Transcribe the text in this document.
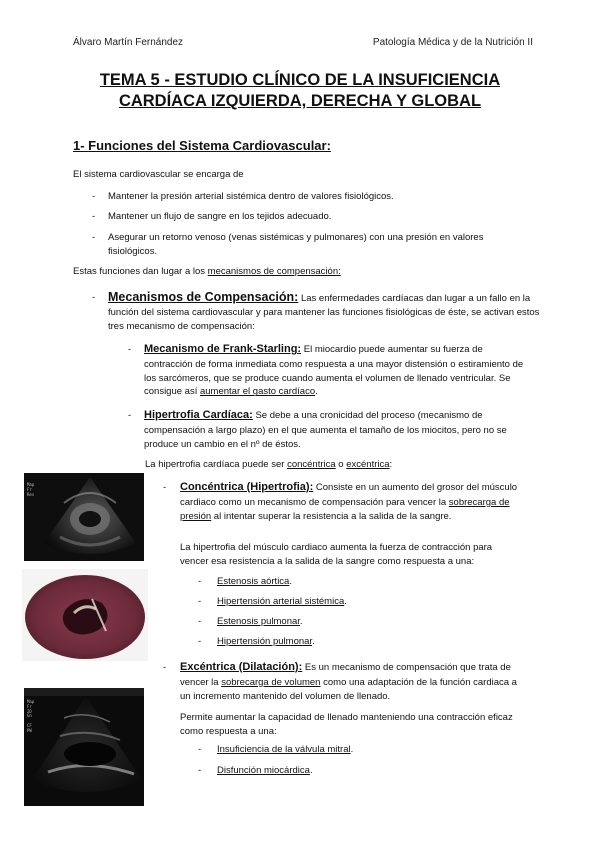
Álvaro Martín Fernández	Patología Médica y de la Nutrición II
TEMA 5 - ESTUDIO CLÍNICO DE LA INSUFICIENCIA
CARDÍACA IZQUIERDA, DERECHA Y GLOBAL
1- Funciones del Sistema Cardiovascular:
El sistema cardiovascular se encarga de
- Mantener la presión arterial sistémica dentro de valores fisiológicos.
- Mantener un flujo de sangre en los tejidos adecuado.
- Asegurar un retorno venoso (venas sistémicas y pulmonares) con una presión en valores fisiológicos.
Estas funciones dan lugar a los mecanismos de compensación:
- Mecanismos de Compensación: Las enfermedades cardíacas dan lugar a un fallo en la función del sistema cardiovascular y para mantener las funciones fisiológicas de éste, se activan estos tres mecanismo de compensación:
- Mecanismo de Frank-Starling: El miocardio puede aumentar su fuerza de contracción de forma inmediata como respuesta a una mayor distensión o estiramiento de los sarcómeros, que se produce cuando aumenta el volumen de llenado ventricular. Se consigue así aumentar el gasto cardíaco.
- Hipertrofia Cardíaca: Se debe a una cronicidad del proceso (mecanismo de compensación a largo plazo) en el que aumenta el tamaño de los miocitos, pero no se produce un cambio en el nº de éstos.
La hipertrofia cardíaca puede ser concéntrica o excéntrica:
- Concéntrica (Hipertrofia): Consiste en un aumento del grosor del músculo cardiaco como un mecanismo de compensación para vencer la sobrecarga de presión al intentar superar la resistencia a la salida de la sangre.
La hipertrofia del músculo cardiaco aumenta la fuerza de contracción para vencer esa resistencia a la salida de la sangre como respuesta a una:
- Estenosis aórtica.
- Hipertensión arterial sistémica.
- Estenosis pulmonar.
- Hipertensión pulmonar.
- Excéntrica (Dilatación): Es un mecanismo de compensación que trata de vencer la sobrecarga de volumen como una adaptación de la función cardiaca a un incremento mantenido del volumen de llenado.
Permite aumentar la capacidad de llenado manteniendo una contracción eficaz como respuesta a una:
- Insuficiencia de la válvula mitral.
- Disfunción miocárdica.
Map
Fr
Res
Map
Fr
2D
Gn

CF
PW
